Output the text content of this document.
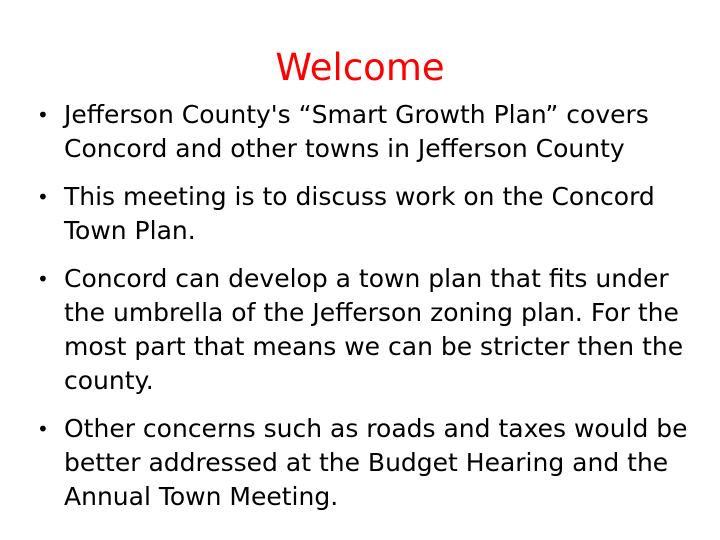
Welcome
• Jefferson County's “Smart Growth Plan” covers Concord and other towns in Jefferson County
• This meeting is to discuss work on the Concord Town Plan.
• Concord can develop a town plan that fits under the umbrella of the Jefferson zoning plan. For the most part that means we can be stricter then the county.
• Other concerns such as roads and taxes would be better addressed at the Budget Hearing and the Annual Town Meeting.
